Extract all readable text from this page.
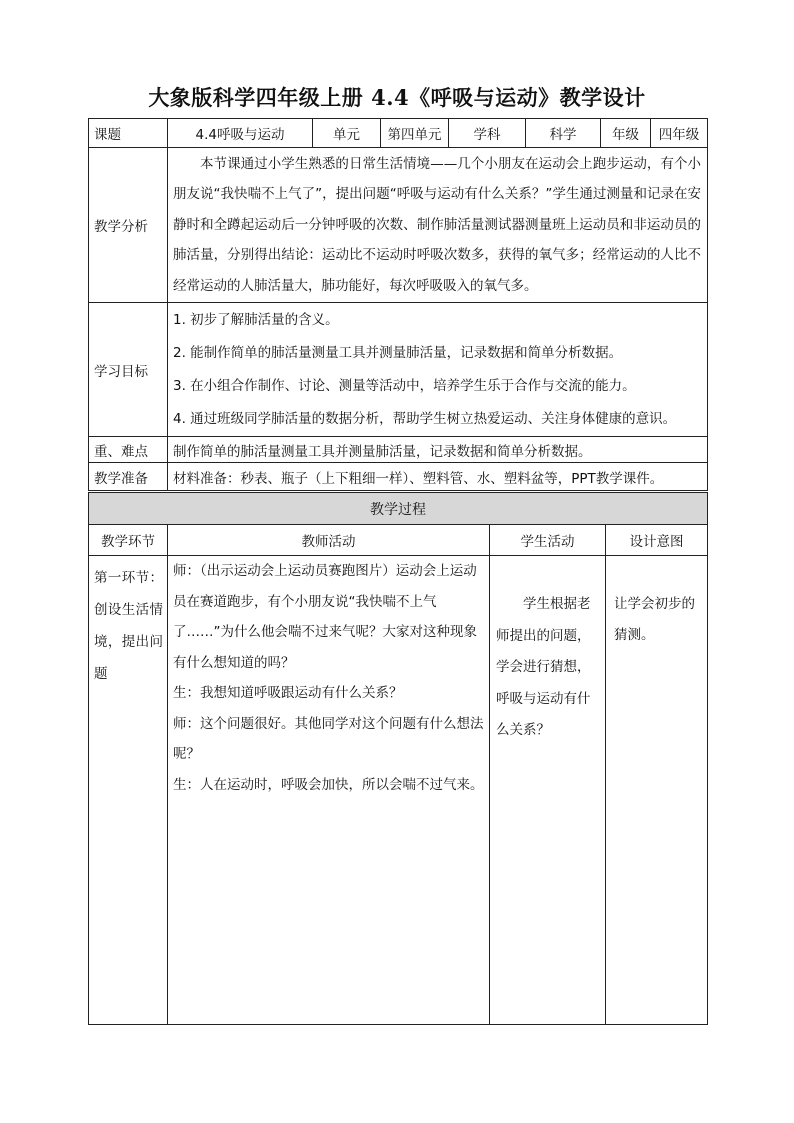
大象版科学四年级上册 4.4《呼吸与运动》教学设计
课题	4.4呼吸与运动	单元	第四单元	学科	科学	年级	四年级
教学分析	本节课通过小学生熟悉的日常生活情境——几个小朋友在运动会上跑步运动，有个小朋友说“我快喘不上气了”，提出问题“呼吸与运动有什么关系？”学生通过测量和记录在安静时和全蹲起运动后一分钟呼吸的次数、制作肺活量测试器测量班上运动员和非运动员的肺活量，分别得出结论：运动比不运动时呼吸次数多，获得的氧气多；经常运动的人比不经常运动的人肺活量大，肺功能好，每次呼吸吸入的氧气多。						

学习目标	1. 初步了解肺活量的含义。
2. 能制作简单的肺活量测量工具并测量肺活量，记录数据和简单分析数据。
3. 在小组合作制作、讨论、测量等活动中，培养学生乐于合作与交流的能力。
4. 通过班级同学肺活量的数据分析，帮助学生树立热爱运动、关注身体健康的意识。						

重、难点	制作简单的肺活量测量工具并测量肺活量，记录数据和简单分析数据。						
教学准备	材料准备：秒表、瓶子（上下粗细一样）、塑料管、水、塑料盆等，PPT教学课件。						
教学过程			
教学环节	教师活动	学生活动	设计意图

第一环节：创设生活情境，提出问题	师：（出示运动会上运动员赛跑图片）运动会上运动员在赛道跑步，有个小朋友说“我快喘不上气了……”为什么他会喘不过来气呢？大家对这种现象有什么想知道的吗？
生：我想知道呼吸跟运动有什么关系？
师：这个问题很好。其他同学对这个问题有什么想法呢？
生：人在运动时，呼吸会加快，所以会喘不过气来。	学生根据老师提出的问题，学会进行猜想，呼吸与运动有什么关系？	让学会初步的猜测。
